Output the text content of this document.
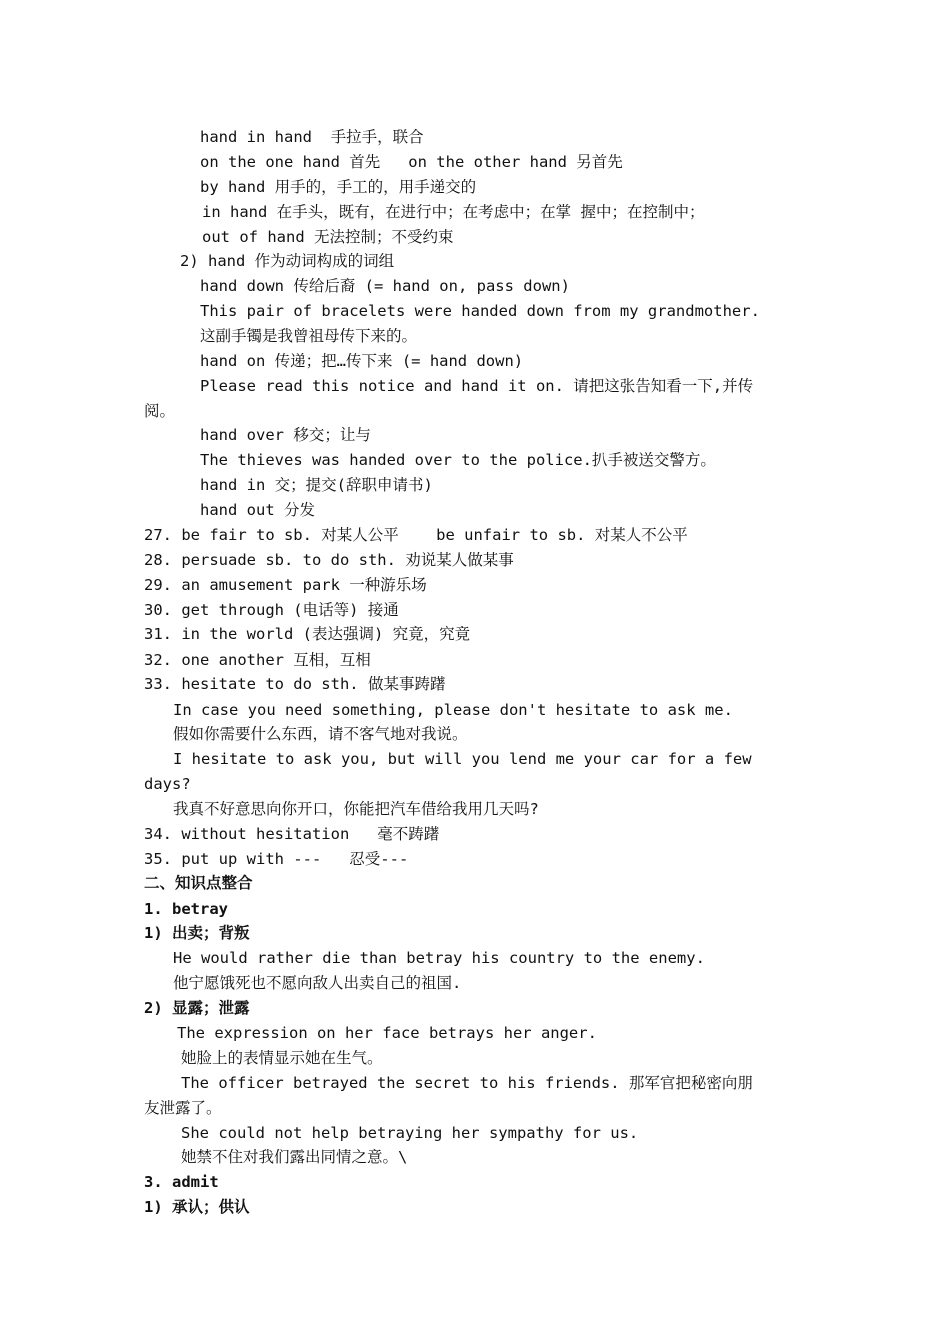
hand in hand  手拉手，联合
on the one hand 首先   on the other hand 另首先
by hand 用手的，手工的，用手递交的
in hand 在手头，既有，在进行中；在考虑中；在掌 握中；在控制中；
out of hand 无法控制；不受约束
2) hand 作为动词构成的词组
hand down 传给后裔 (= hand on, pass down)
This pair of bracelets were handed down from my grandmother.
这副手镯是我曾祖母传下来的。
hand on 传递；把…传下来 (= hand down)
Please read this notice and hand it on. 请把这张告知看一下,并传
阅。
hand over 移交；让与
The thieves was handed over to the police.扒手被送交警方。
hand in 交；提交(辞职申请书)
hand out 分发
27. be fair to sb. 对某人公平    be unfair to sb. 对某人不公平
28. persuade sb. to do sth. 劝说某人做某事
29. an amusement park 一种游乐场
30. get through (电话等) 接通
31. in the world (表达强调) 究竟，究竟
32. one another 互相，互相
33. hesitate to do sth. 做某事踌躇
In case you need something, please don't hesitate to ask me.
假如你需要什么东西，请不客气地对我说。
I hesitate to ask you, but will you lend me your car for a few
days?
我真不好意思向你开口，你能把汽车借给我用几天吗?
34. without hesitation   毫不踌躇
35. put up with ---   忍受---
二、知识点整合
1. betray
1) 出卖；背叛
He would rather die than betray his country to the enemy.
他宁愿饿死也不愿向敌人出卖自己的祖国.
2) 显露；泄露
The expression on her face betrays her anger.
她脸上的表情显示她在生气。
The officer betrayed the secret to his friends. 那军官把秘密向朋
友泄露了。
She could not help betraying her sympathy for us.
她禁不住对我们露出同情之意。\
3. admit
1) 承认；供认
